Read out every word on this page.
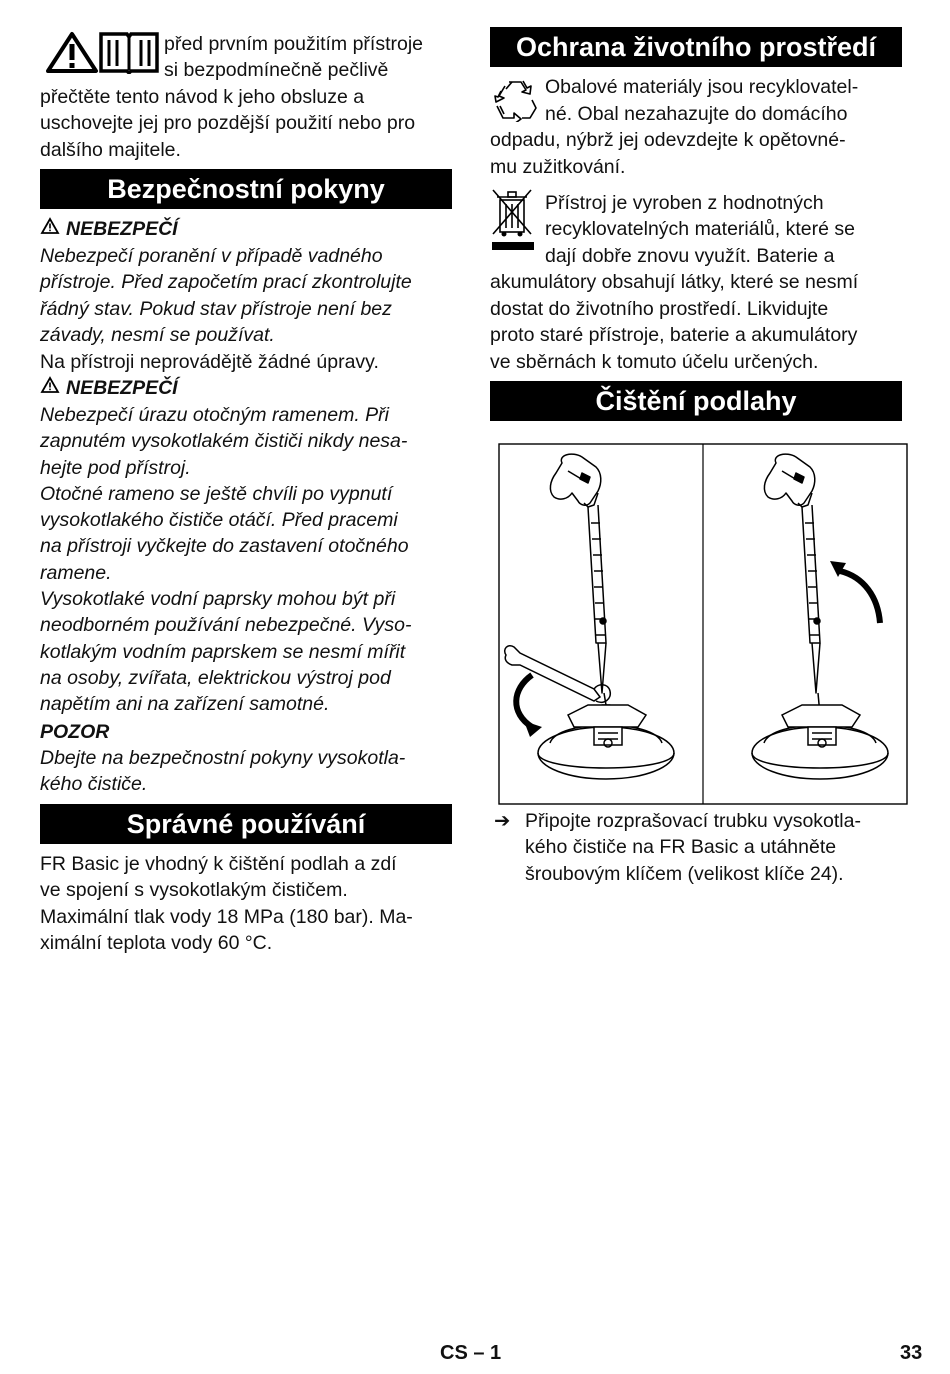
před prvním použitím přístroje

si bezpodmínečně pečlivě

přečtěte tento návod k jeho obsluze a

uschovejte jej pro pozdější použití nebo pro

dalšího majitele.

Bezpečnostní pokyny

NEBEZPEČÍ

Nebezpečí poranění v případě vadného

přístroje. Před započetím prací zkontrolujte

řádný stav. Pokud stav přístroje není bez

závady, nesmí se používat.

Na přístroji neprovádějtě žádné úpravy.

NEBEZPEČÍ

Nebezpečí úrazu otočným ramenem. Při

zapnutém vysokotlakém čističi nikdy nesa-

hejte pod přístroj.

Otočné rameno se ještě chvíli po vypnutí

vysokotlakého čističe otáčí. Před pracemi

na přístroji vyčkejte do zastavení otočného

ramene.

Vysokotlaké vodní paprsky mohou být při

neodborném používání nebezpečné. Vyso-

kotlakým vodním paprskem se nesmí mířit

na osoby, zvířata, elektrickou výstroj pod

napětím ani na zařízení samotné.

POZOR

Dbejte na bezpečnostní pokyny vysokotla-

kého čističe.

Správné používání

FR Basic je vhodný k čištění podlah a zdí

ve spojení s vysokotlakým čističem.

Maximální tlak vody 18 MPa (180 bar). Ma-

ximální teplota vody 60 °C.

Ochrana životního prostředí

Obalové materiály jsou recyklovatel-

né. Obal nezahazujte do domácího

odpadu, nýbrž jej odevzdejte k opětovné-

mu zužitkování.

Přístroj je vyroben z hodnotných

recyklovatelných materiálů, které se

dají dobře znovu využít. Baterie a

akumulátory obsahují látky, které se nesmí

dostat do životního prostředí. Likvidujte

proto staré přístroje, baterie a akumulátory

ve sběrnách k tomuto účelu určených.

Čištění podlahy

➔ Připojte rozprašovací trubku vysokotla-

kého čističe na FR Basic a utáhněte

šroubovým klíčem (velikost klíče 24).

CS – 1	33
